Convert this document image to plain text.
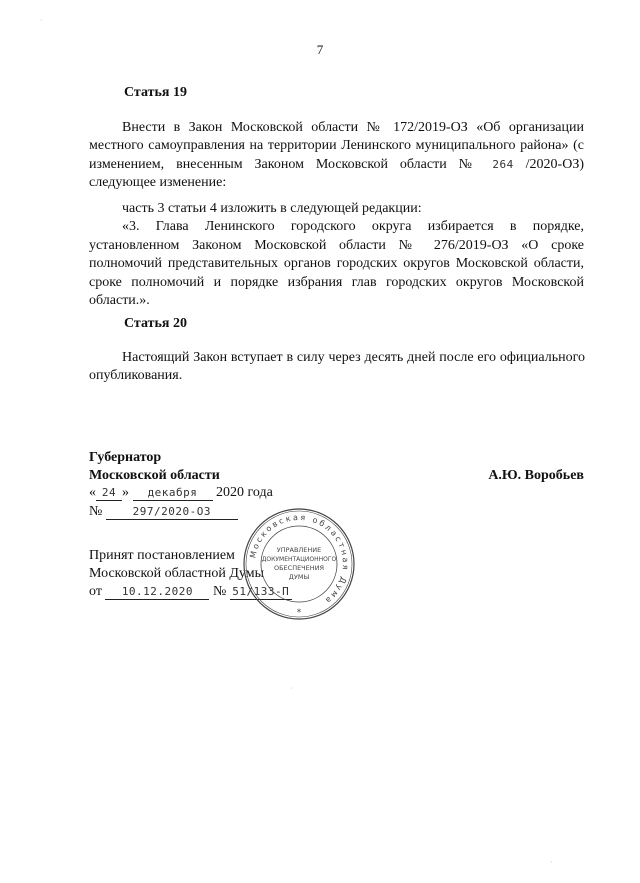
7
Статья 19

Внести в Закон Московской области № 172/2019-ОЗ «Об организации местного самоуправления на территории Ленинского муниципального района» (с изменением, внесенным Законом Московской области № 264 /2020-ОЗ) следующее изменение:

часть 3 статьи 4 изложить в следующей редакции:

«3. Глава Ленинского городского округа избирается в порядке, установленном Законом Московской области № 276/2019-ОЗ «О сроке полномочий представительных органов городских округов Московской области, сроке полномочий и порядке избрания глав городских округов Московской области.».

Статья 20

Настоящий Закон вступает в силу через десять дней после его официального опубликования.

Губернатор
Московской области	А.Ю. Воробьев
« 24 » декабря 2020 года
№	297/2020-ОЗ
Принят постановлением
Московской областной Думы
от 10.12.2020 № 51/133-П
Московская областная Дума
УПРАВЛЕНИЕ
ДОКУМЕНТАЦИОННОГО
ОБЕСПЕЧЕНИЯ
ДУМЫ
*
·
·
·
